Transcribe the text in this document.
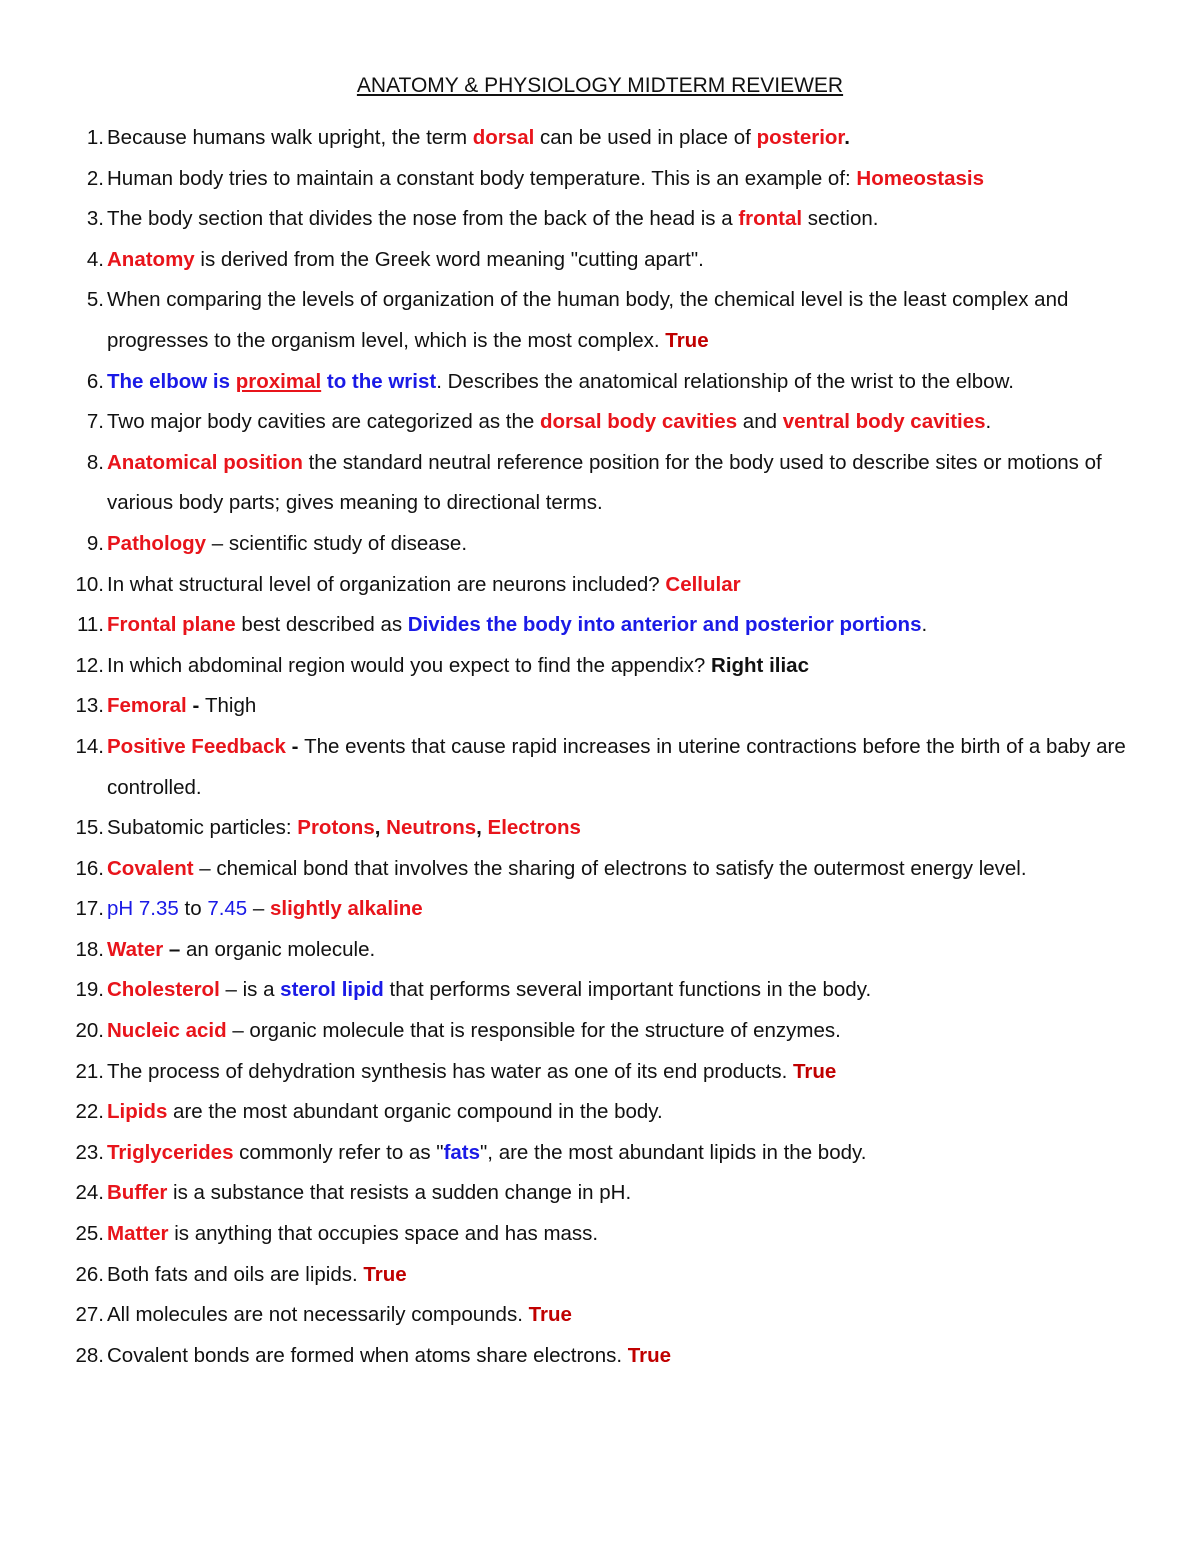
ANATOMY & PHYSIOLOGY MIDTERM REVIEWER
1. Because humans walk upright, the term dorsal can be used in place of posterior.
2. Human body tries to maintain a constant body temperature. This is an example of: Homeostasis
3. The body section that divides the nose from the back of the head is a frontal section.
4. Anatomy is derived from the Greek word meaning "cutting apart".
5. When comparing the levels of organization of the human body, the chemical level is the least complex and progresses to the organism level, which is the most complex. True
6. The elbow is proximal to the wrist. Describes the anatomical relationship of the wrist to the elbow.
7. Two major body cavities are categorized as the dorsal body cavities and ventral body cavities.
8. Anatomical position the standard neutral reference position for the body used to describe sites or motions of various body parts; gives meaning to directional terms.
9. Pathology – scientific study of disease.
10. In what structural level of organization are neurons included? Cellular
11. Frontal plane best described as Divides the body into anterior and posterior portions.
12. In which abdominal region would you expect to find the appendix? Right iliac
13. Femoral - Thigh
14. Positive Feedback - The events that cause rapid increases in uterine contractions before the birth of a baby are controlled.
15. Subatomic particles: Protons, Neutrons, Electrons
16. Covalent – chemical bond that involves the sharing of electrons to satisfy the outermost energy level.
17. pH 7.35 to 7.45 – slightly alkaline
18. Water – an organic molecule.
19. Cholesterol – is a sterol lipid that performs several important functions in the body.
20. Nucleic acid – organic molecule that is responsible for the structure of enzymes.
21. The process of dehydration synthesis has water as one of its end products. True
22. Lipids are the most abundant organic compound in the body.
23. Triglycerides commonly refer to as "fats", are the most abundant lipids in the body.
24. Buffer is a substance that resists a sudden change in pH.
25. Matter is anything that occupies space and has mass.
26. Both fats and oils are lipids. True
27. All molecules are not necessarily compounds. True
28. Covalent bonds are formed when atoms share electrons. True
